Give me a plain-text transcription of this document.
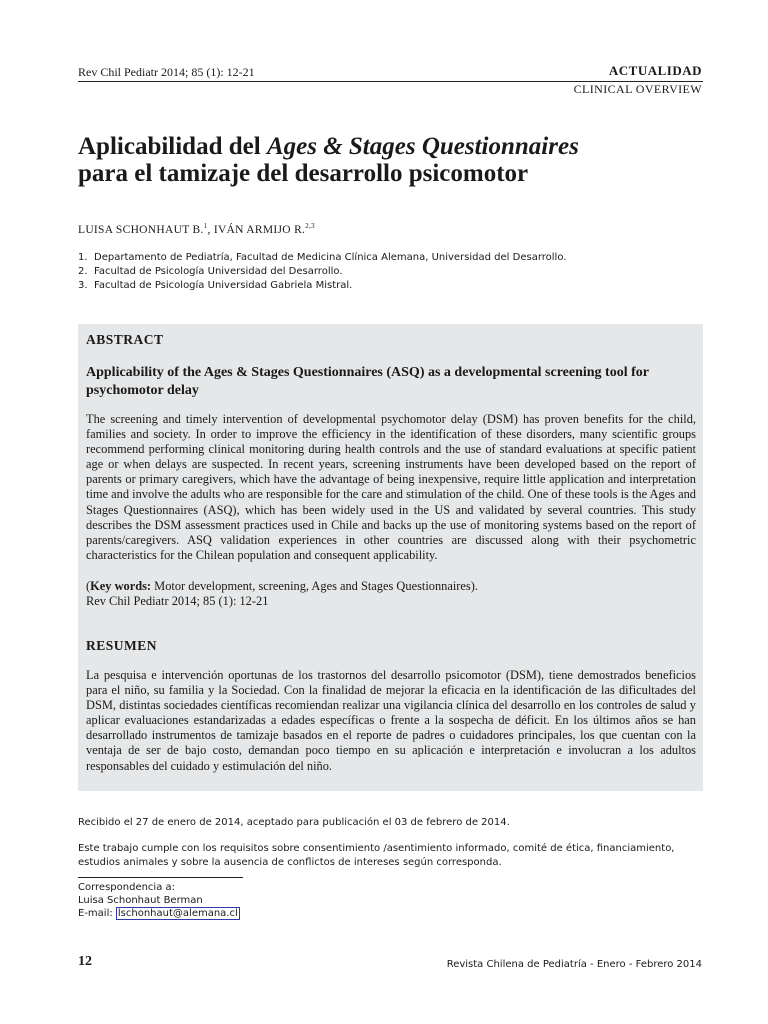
Rev Chil Pediatr 2014; 85 (1): 12-21	ACTUALIDAD
CLINICAL OVERVIEW
Aplicabilidad del Ages & Stages Questionnaires
para el tamizaje del desarrollo psicomotor
LUISA SCHONHAUT B.$^1$, IVÁN ARMIJO R.$^{2,3}$
1. Departamento de Pediatría, Facultad de Medicina Clínica Alemana, Universidad del Desarrollo.
2. Facultad de Psicología Universidad del Desarrollo.
3. Facultad de Psicología Universidad Gabriela Mistral.
ABSTRACT
Applicability of the Ages & Stages Questionnaires (ASQ) as a developmental screening tool for psychomotor delay
The screening and timely intervention of developmental psychomotor delay (DSM) has proven benefits for the child, families and society. In order to improve the efficiency in the identification of these disorders, many scientific groups recommend performing clinical monitoring during health controls and the use of standard evaluations at specific patient age or when delays are suspected. In recent years, screening instruments have been developed based on the report of parents or primary caregivers, which have the advantage of being inexpensive, require little application and interpretation time and involve the adults who are responsible for the care and stimulation of the child. One of these tools is the Ages and Stages Questionnaires (ASQ), which has been widely used in the US and validated by several countries. This study describes the DSM assessment practices used in Chile and backs up the use of monitoring systems based on the report of parents/caregivers. ASQ validation experiences in other countries are discussed along with their psychometric characteristics for the Chilean population and consequent applicability.
(Key words: Motor development, screening, Ages and Stages Questionnaires).
Rev Chil Pediatr 2014; 85 (1): 12-21
RESUMEN
La pesquisa e intervención oportunas de los trastornos del desarrollo psicomotor (DSM), tiene demostrados beneficios para el niño, su familia y la Sociedad. Con la finalidad de mejorar la eficacia en la identificación de las dificultades del DSM, distintas sociedades científicas recomiendan realizar una vigilancia clínica del desarrollo en los controles de salud y aplicar evaluaciones estandarizadas a edades específicas o frente a la sospecha de déficit. En los últimos años se han desarrollado instrumentos de tamizaje basados en el reporte de padres o cuidadores principales, los que cuentan con la ventaja de ser de bajo costo, demandan poco tiempo en su aplicación e interpretación e involucran a los adultos responsables del cuidado y estimulación del niño.
Recibido el 27 de enero de 2014, aceptado para publicación el 03 de febrero de 2014.
Este trabajo cumple con los requisitos sobre consentimiento /asentimiento informado, comité de ética, financiamiento, estudios animales y sobre la ausencia de conflictos de intereses según corresponda.
Correspondencia a:
Luisa Schonhaut Berman
E-mail: lschonhaut@alemana.cl
12	Revista Chilena de Pediatría - Enero - Febrero 2014
